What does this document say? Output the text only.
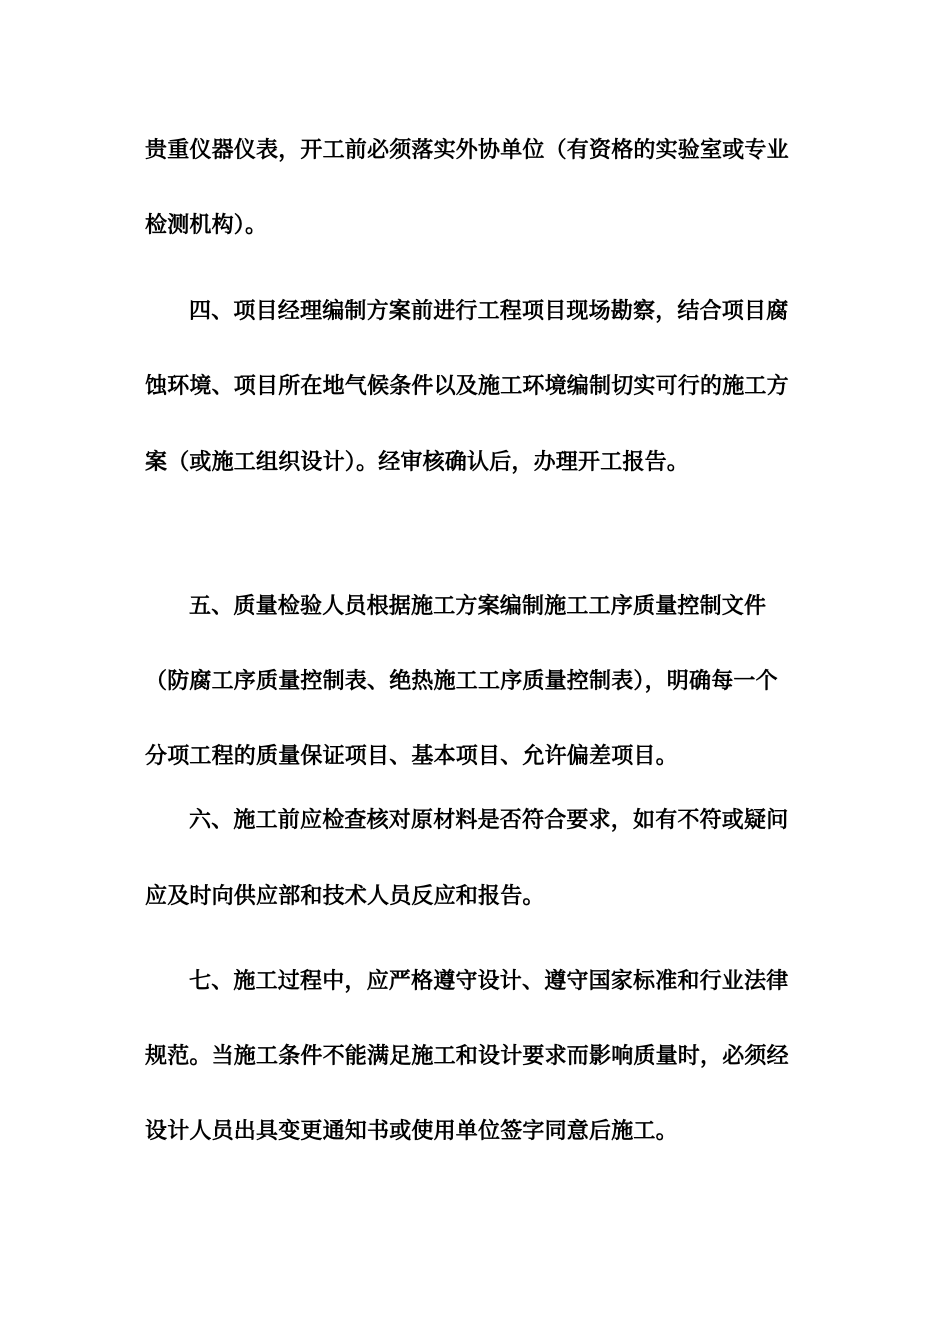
贵重仪器仪表，开工前必须落实外协单位（有资格的实验室或专业
检测机构）。
四、项目经理编制方案前进行工程项目现场勘察，结合项目腐
蚀环境、项目所在地气候条件以及施工环境编制切实可行的施工方
案（或施工组织设计）。经审核确认后，办理开工报告。
五、质量检验人员根据施工方案编制施工工序质量控制文件
（防腐工序质量控制表、绝热施工工序质量控制表），明确每一个
分项工程的质量保证项目、基本项目、允许偏差项目。
六、施工前应检查核对原材料是否符合要求，如有不符或疑问
应及时向供应部和技术人员反应和报告。
七、施工过程中，应严格遵守设计、遵守国家标准和行业法律
规范。当施工条件不能满足施工和设计要求而影响质量时，必须经
设计人员出具变更通知书或使用单位签字同意后施工。
